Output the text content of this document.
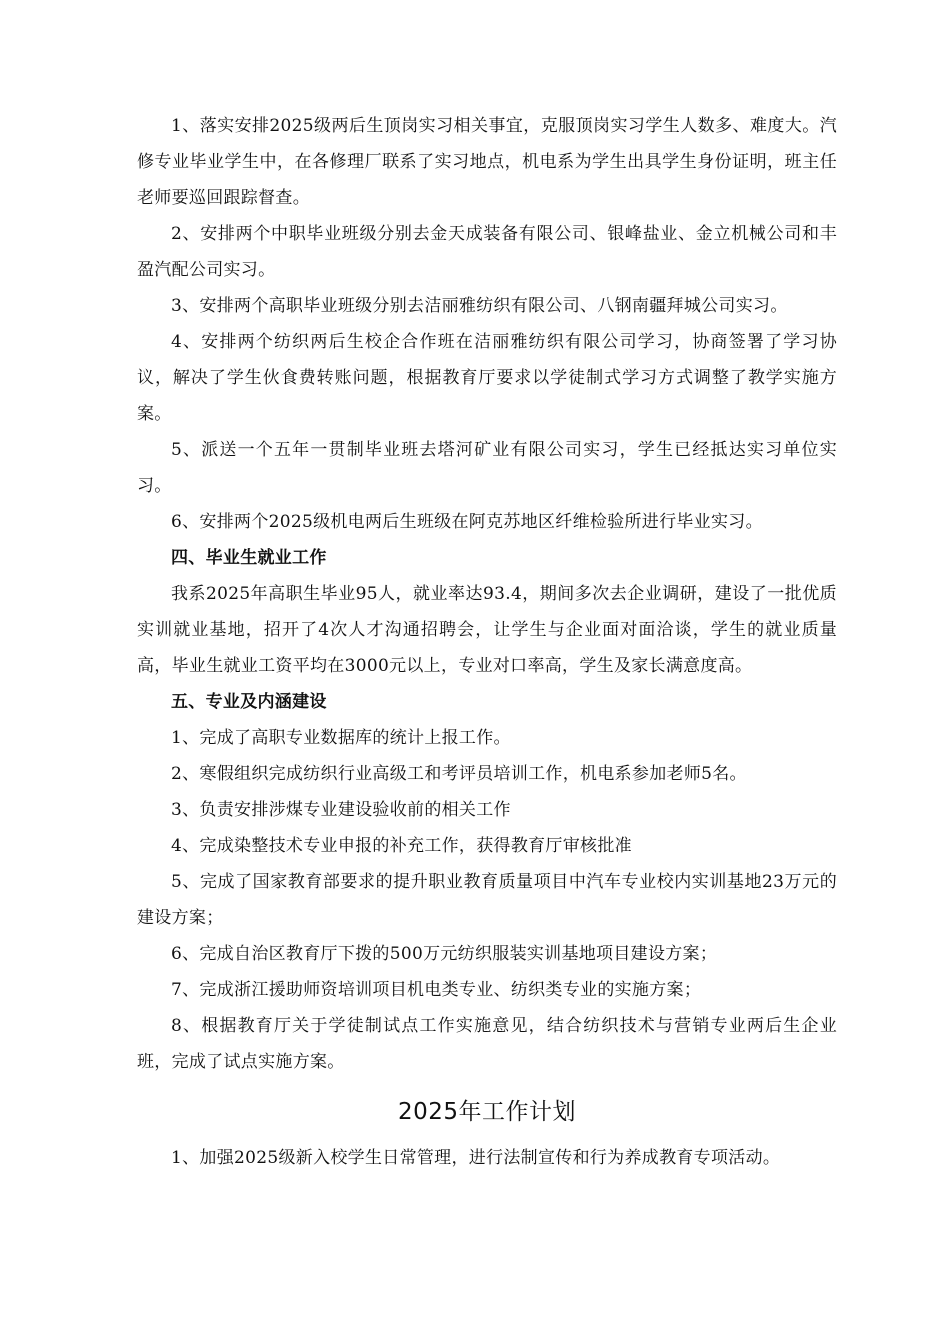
1、落实安排2025级两后生顶岗实习相关事宜，克服顶岗实习学生人数多、难度大。汽修专业毕业学生中，在各修理厂联系了实习地点，机电系为学生出具学生身份证明，班主任老师要巡回跟踪督查。

2、安排两个中职毕业班级分别去金天成装备有限公司、银峰盐业、金立机械公司和丰盈汽配公司实习。

3、安排两个高职毕业班级分别去洁丽雅纺织有限公司、八钢南疆拜城公司实习。

4、安排两个纺织两后生校企合作班在洁丽雅纺织有限公司学习，协商签署了学习协议，解决了学生伙食费转账问题，根据教育厅要求以学徒制式学习方式调整了教学实施方案。

5、派送一个五年一贯制毕业班去塔河矿业有限公司实习，学生已经抵达实习单位实习。

6、安排两个2025级机电两后生班级在阿克苏地区纤维检验所进行毕业实习。

四、毕业生就业工作

我系2025年高职生毕业95人，就业率达93.4，期间多次去企业调研，建设了一批优质实训就业基地，招开了4次人才沟通招聘会，让学生与企业面对面洽谈，学生的就业质量高，毕业生就业工资平均在3000元以上，专业对口率高，学生及家长满意度高。

五、专业及内涵建设

1、完成了高职专业数据库的统计上报工作。

2、寒假组织完成纺织行业高级工和考评员培训工作，机电系参加老师5名。

3、负责安排涉煤专业建设验收前的相关工作

4、完成染整技术专业申报的补充工作，获得教育厅审核批准

5、完成了国家教育部要求的提升职业教育质量项目中汽车专业校内实训基地23万元的建设方案；

6、完成自治区教育厅下拨的500万元纺织服装实训基地项目建设方案；

7、完成浙江援助师资培训项目机电类专业、纺织类专业的实施方案；

8、根据教育厅关于学徒制试点工作实施意见，结合纺织技术与营销专业两后生企业班，完成了试点实施方案。

2025年工作计划

1、加强2025级新入校学生日常管理，进行法制宣传和行为养成教育专项活动。
